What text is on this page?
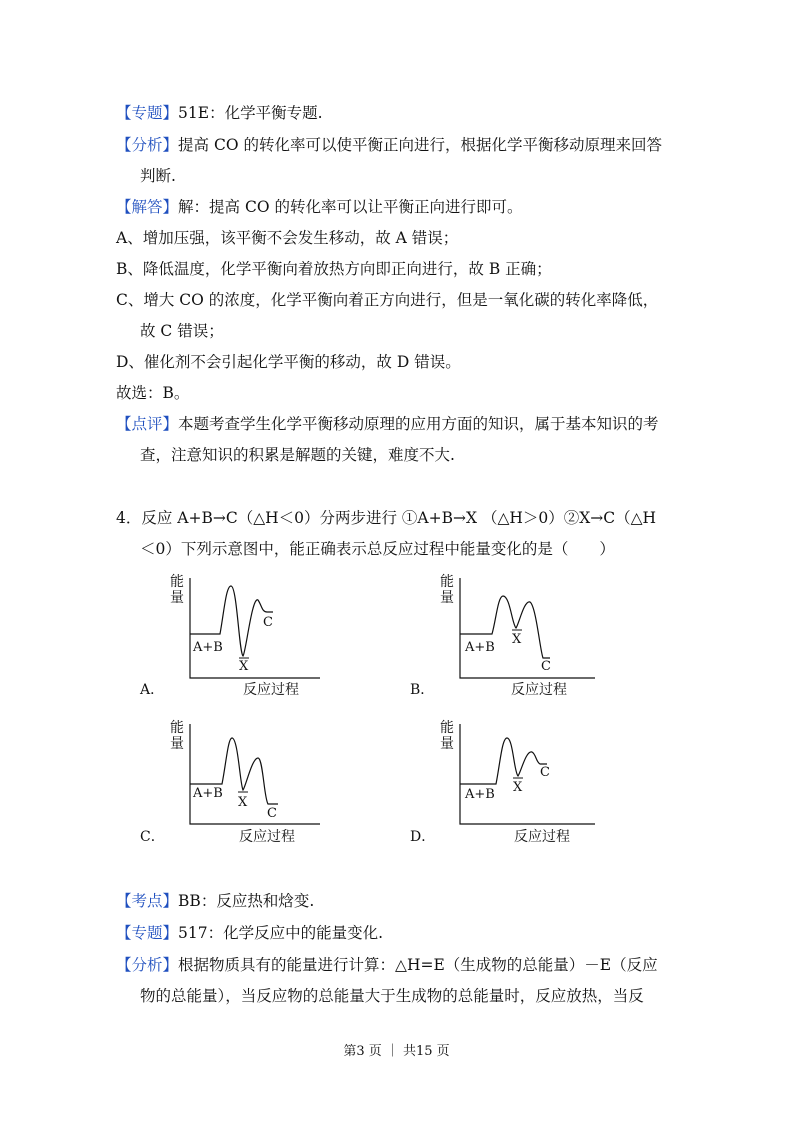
【专题】51E：化学平衡专题.
【分析】提高 CO 的转化率可以使平衡正向进行，根据化学平衡移动原理来回答
判断.
【解答】解：提高 CO 的转化率可以让平衡正向进行即可。
A、增加压强，该平衡不会发生移动，故 A 错误；
B、降低温度，化学平衡向着放热方向即正向进行，故 B 正确；
C、增大 CO 的浓度，化学平衡向着正方向进行，但是一氧化碳的转化率降低，
故 C 错误；
D、催化剂不会引起化学平衡的移动，故 D 错误。
故选：B。
【点评】本题考查学生化学平衡移动原理的应用方面的知识，属于基本知识的考
查，注意知识的积累是解题的关键，难度不大.
4．反应 A+B→C（△H＜0）分两步进行 ①A+B→X （△H＞0）②X→C（△H
＜0）下列示意图中，能正确表示总反应过程中能量变化的是（　　）
能
量
A+B
X
C
A．	反应过程
能
量
A+B
X
C
B．	反应过程
能
量
A+B
X
C
C．	反应过程
能
量
A+B X
C
D．	反应过程
【考点】BB：反应热和焓变.
【专题】517：化学反应中的能量变化.
【分析】根据物质具有的能量进行计算：△H=E（生成物的总能量）－E（反应
物的总能量），当反应物的总能量大于生成物的总能量时，反应放热，当反
第3 页 ｜ 共15 页
